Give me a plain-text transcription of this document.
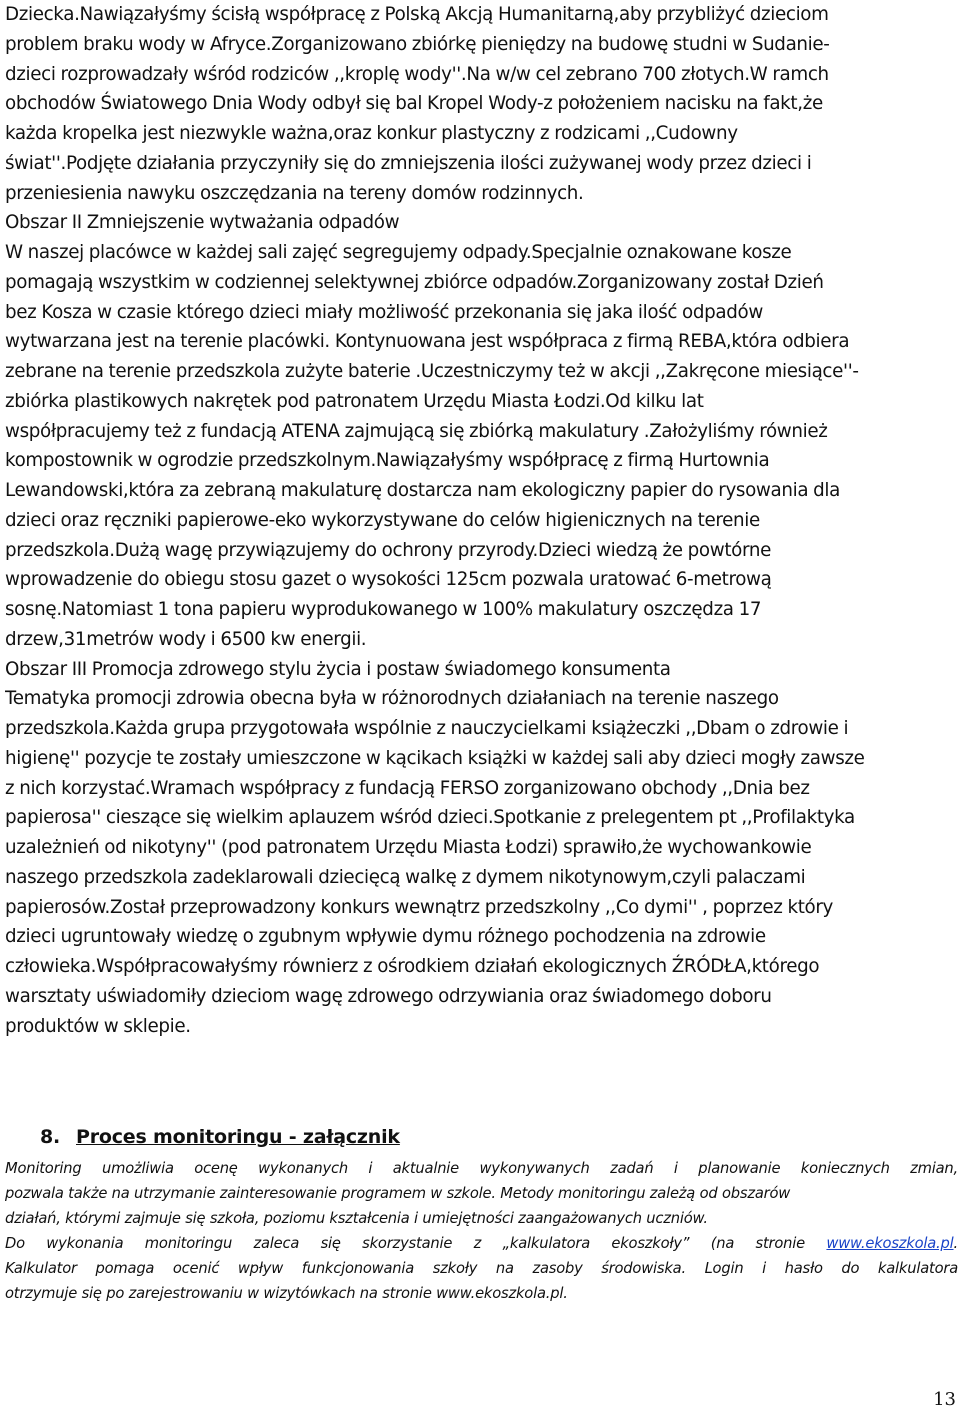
Dziecka.Nawiązałyśmy ścisłą współpracę z Polską Akcją Humanitarną,aby przybliżyć dzieciom
problem braku wody w Afryce.Zorganizowano zbiórkę pieniędzy na budowę studni w Sudanie-
dzieci rozprowadzały wśród rodziców ,,kroplę wody''.Na w/w cel zebrano 700 złotych.W ramch
obchodów Światowego Dnia Wody odbył się bal Kropel Wody-z położeniem nacisku na fakt,że
każda kropelka jest niezwykle ważna,oraz konkur plastyczny z rodzicami ,,Cudowny
świat''.Podjęte działania przyczyniły się do zmniejszenia ilości zużywanej wody przez dzieci i
przeniesienia nawyku oszczędzania na tereny domów rodzinnych.
Obszar II Zmniejszenie wytważania odpadów
W naszej placówce w każdej sali zajęć segregujemy odpady.Specjalnie oznakowane kosze
pomagają wszystkim w codziennej selektywnej zbiórce odpadów.Zorganizowany został Dzień
bez Kosza w czasie którego dzieci miały możliwość przekonania się jaka ilość odpadów
wytwarzana jest na terenie placówki. Kontynuowana jest współpraca z firmą REBA,która odbiera
zebrane na terenie przedszkola zużyte baterie .Uczestniczymy też w akcji ,,Zakręcone miesiące''-
zbiórka plastikowych nakrętek pod patronatem Urzędu Miasta Łodzi.Od kilku lat
współpracujemy też z fundacją ATENA zajmującą się zbiórką makulatury .Założyliśmy również
kompostownik w ogrodzie przedszkolnym.Nawiązałyśmy współpracę z firmą Hurtownia
Lewandowski,która za zebraną makulaturę dostarcza nam ekologiczny papier do rysowania dla
dzieci oraz ręczniki papierowe-eko wykorzystywane do celów higienicznych na terenie
przedszkola.Dużą wagę przywiązujemy do ochrony przyrody.Dzieci wiedzą że powtórne
wprowadzenie do obiegu stosu gazet o wysokości 125cm pozwala uratować 6-metrową
sosnę.Natomiast 1 tona papieru wyprodukowanego w 100% makulatury oszczędza 17
drzew,31metrów wody i 6500 kw energii.
Obszar III Promocja zdrowego stylu życia i postaw świadomego konsumenta
Tematyka promocji zdrowia obecna była w różnorodnych działaniach na terenie naszego
przedszkola.Każda grupa przygotowała wspólnie z nauczycielkami książeczki ,,Dbam o zdrowie i
higienę'' pozycje te zostały umieszczone w kącikach książki w każdej sali aby dzieci mogły zawsze
z nich korzystać.Wramach współpracy z fundacją FERSO zorganizowano obchody ,,Dnia bez
papierosa'' cieszące się wielkim aplauzem wśród dzieci.Spotkanie z prelegentem pt ,,Profilaktyka
uzależnień od nikotyny'' (pod patronatem Urzędu Miasta Łodzi) sprawiło,że wychowankowie
naszego przedszkola zadeklarowali dziecięcą walkę z dymem nikotynowym,czyli palaczami
papierosów.Został przeprowadzony konkurs wewnątrz przedszkolny ,,Co dymi'' , poprzez który
dzieci ugruntowały wiedzę o zgubnym wpływie dymu różnego pochodzenia na zdrowie
człowieka.Współpracowałyśmy równierz z ośrodkiem działań ekologicznych ŹRÓDŁA,którego
warsztaty uświadomiły dzieciom wagę zdrowego odrzywiania oraz świadomego doboru
produktów w sklepie.
8. Proces monitoringu - załącznik
Monitoring umożliwia ocenę wykonanych i aktualnie wykonywanych zadań i planowanie koniecznych zmian,
pozwala także na utrzymanie zainteresowanie programem w szkole. Metody monitoringu zależą od obszarów
działań, którymi zajmuje się szkoła, poziomu kształcenia i umiejętności zaangażowanych uczniów.
Do wykonania monitoringu zaleca się skorzystanie z „kalkulatora ekoszkoły” (na stronie www.ekoszkola.pl.
Kalkulator pomaga ocenić wpływ funkcjonowania szkoły na zasoby środowiska. Login i hasło do kalkulatora
otrzymuje się po zarejestrowaniu w wizytówkach na stronie www.ekoszkola.pl.
13
